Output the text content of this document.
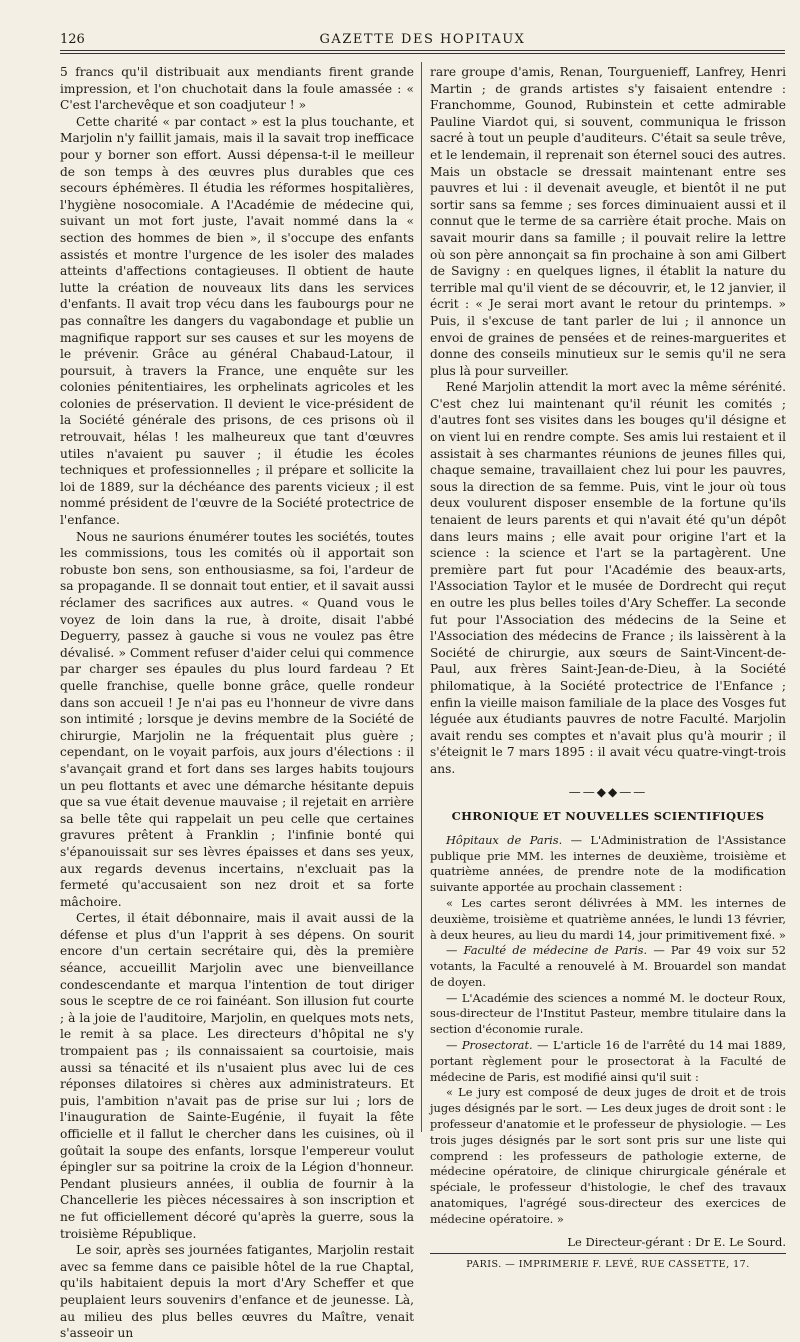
126	GAZETTE DES HOPITAUX

5 francs qu'il distribuait aux mendiants firent grande impression, et l'on chuchotait dans la foule amassée : « C'est l'archevêque et son coadjuteur ! »

Cette charité « par contact » est la plus touchante, et Marjolin n'y faillit jamais, mais il la savait trop inefficace pour y borner son effort. Aussi dépensa-t-il le meilleur de son temps à des œuvres plus durables que ces secours éphémères. Il étudia les réformes hospitalières, l'hygiène nosocomiale. A l'Académie de médecine qui, suivant un mot fort juste, l'avait nommé dans la « section des hommes de bien », il s'occupe des enfants assistés et montre l'urgence de les isoler des malades atteints d'affections contagieuses. Il obtient de haute lutte la création de nouveaux lits dans les services d'enfants. Il avait trop vécu dans les faubourgs pour ne pas connaître les dangers du vagabondage et publie un magnifique rapport sur ses causes et sur les moyens de le prévenir. Grâce au général Chabaud-Latour, il poursuit, à travers la France, une enquête sur les colonies pénitentiaires, les orphelinats agricoles et les colonies de préservation. Il devient le vice-président de la Société générale des prisons, de ces prisons où il retrouvait, hélas ! les malheureux que tant d'œuvres utiles n'avaient pu sauver ; il étudie les écoles techniques et professionnelles ; il prépare et sollicite la loi de 1889, sur la déchéance des parents vicieux ; il est nommé président de l'œuvre de la Société protectrice de l'enfance.

Nous ne saurions énumérer toutes les sociétés, toutes les commissions, tous les comités où il apportait son robuste bon sens, son enthousiasme, sa foi, l'ardeur de sa propagande. Il se donnait tout entier, et il savait aussi réclamer des sacrifices aux autres. « Quand vous le voyez de loin dans la rue, à droite, disait l'abbé Deguerry, passez à gauche si vous ne voulez pas être dévalisé. » Comment refuser d'aider celui qui commence par charger ses épaules du plus lourd fardeau ? Et quelle franchise, quelle bonne grâce, quelle rondeur dans son accueil ! Je n'ai pas eu l'honneur de vivre dans son intimité ; lorsque je devins membre de la Société de chirurgie, Marjolin ne la fréquentait plus guère ; cependant, on le voyait parfois, aux jours d'élections : il s'avançait grand et fort dans ses larges habits toujours un peu flottants et avec une démarche hésitante depuis que sa vue était devenue mauvaise ; il rejetait en arrière sa belle tête qui rappelait un peu celle que certaines gravures prêtent à Franklin ; l'infinie bonté qui s'épanouissait sur ses lèvres épaisses et dans ses yeux, aux regards devenus incertains, n'excluait pas la fermeté qu'accusaient son nez droit et sa forte mâchoire.

Certes, il était débonnaire, mais il avait aussi de la défense et plus d'un l'apprit à ses dépens. On sourit encore d'un certain secrétaire qui, dès la première séance, accueillit Marjolin avec une bienveillance condescendante et marqua l'intention de tout diriger sous le sceptre de ce roi fainéant. Son illusion fut courte ; à la joie de l'auditoire, Marjolin, en quelques mots nets, le remit à sa place. Les directeurs d'hôpital ne s'y trompaient pas ; ils connaissaient sa courtoisie, mais aussi sa ténacité et ils n'usaient plus avec lui de ces réponses dilatoires si chères aux administrateurs. Et puis, l'ambition n'avait pas de prise sur lui ; lors de l'inauguration de Sainte-Eugénie, il fuyait la fête officielle et il fallut le chercher dans les cuisines, où il goûtait la soupe des enfants, lorsque l'empereur voulut épingler sur sa poitrine la croix de la Légion d'honneur. Pendant plusieurs années, il oublia de fournir à la Chancellerie les pièces nécessaires à son inscription et ne fut officiellement décoré qu'après la guerre, sous la troisième République.

Le soir, après ses journées fatigantes, Marjolin restait avec sa femme dans ce paisible hôtel de la rue Chaptal, qu'ils habitaient depuis la mort d'Ary Scheffer et que peuplaient leurs souvenirs d'enfance et de jeunesse. Là, au milieu des plus belles œuvres du Maître, venait s'asseoir un

rare groupe d'amis, Renan, Tourguenieff, Lanfrey, Henri Martin ; de grands artistes s'y faisaient entendre : Franchomme, Gounod, Rubinstein et cette admirable Pauline Viardot qui, si souvent, communiqua le frisson sacré à tout un peuple d'auditeurs. C'était sa seule trêve, et le lendemain, il reprenait son éternel souci des autres. Mais un obstacle se dressait maintenant entre ses pauvres et lui : il devenait aveugle, et bientôt il ne put sortir sans sa femme ; ses forces diminuaient aussi et il connut que le terme de sa carrière était proche. Mais on savait mourir dans sa famille ; il pouvait relire la lettre où son père annonçait sa fin prochaine à son ami Gilbert de Savigny : en quelques lignes, il établit la nature du terrible mal qu'il vient de se découvrir, et, le 12 janvier, il écrit : « Je serai mort avant le retour du printemps. » Puis, il s'excuse de tant parler de lui ; il annonce un envoi de graines de pensées et de reines-marguerites et donne des conseils minutieux sur le semis qu'il ne sera plus là pour surveiller.

René Marjolin attendit la mort avec la même sérénité. C'est chez lui maintenant qu'il réunit les comités ; d'autres font ses visites dans les bouges qu'il désigne et on vient lui en rendre compte. Ses amis lui restaient et il assistait à ses charmantes réunions de jeunes filles qui, chaque semaine, travaillaient chez lui pour les pauvres, sous la direction de sa femme. Puis, vint le jour où tous deux voulurent disposer ensemble de la fortune qu'ils tenaient de leurs parents et qui n'avait été qu'un dépôt dans leurs mains ; elle avait pour origine l'art et la science : la science et l'art se la partagèrent. Une première part fut pour l'Académie des beaux-arts, l'Association Taylor et le musée de Dordrecht qui reçut en outre les plus belles toiles d'Ary Scheffer. La seconde fut pour l'Association des médecins de la Seine et l'Association des médecins de France ; ils laissèrent à la Société de chirurgie, aux sœurs de Saint-Vincent-de-Paul, aux frères Saint-Jean-de-Dieu, à la Société philomatique, à la Société protectrice de l'Enfance ; enfin la vieille maison familiale de la place des Vosges fut léguée aux étudiants pauvres de notre Faculté. Marjolin avait rendu ses comptes et n'avait plus qu'à mourir ; il s'éteignit le 7 mars 1895 : il avait vécu quatre-vingt-trois ans.

——◆◆——
CHRONIQUE ET NOUVELLES SCIENTIFIQUES

Hôpitaux de Paris. — L'Administration de l'Assistance publique prie MM. les internes de deuxième, troisième et quatrième années, de prendre note de la modification suivante apportée au prochain classement :

« Les cartes seront délivrées à MM. les internes de deuxième, troisième et quatrième années, le lundi 13 février, à deux heures, au lieu du mardi 14, jour primitivement fixé. »

— Faculté de médecine de Paris. — Par 49 voix sur 52 votants, la Faculté a renouvelé à M. Brouardel son mandat de doyen.

— L'Académie des sciences a nommé M. le docteur Roux, sous-directeur de l'Institut Pasteur, membre titulaire dans la section d'économie rurale.

— Prosectorat. — L'article 16 de l'arrêté du 14 mai 1889, portant règlement pour le prosectorat à la Faculté de médecine de Paris, est modifié ainsi qu'il suit :

« Le jury est composé de deux juges de droit et de trois juges désignés par le sort. — Les deux juges de droit sont : le professeur d'anatomie et le professeur de physiologie. — Les trois juges désignés par le sort sont pris sur une liste qui comprend : les professeurs de pathologie externe, de médecine opératoire, de clinique chirurgicale générale et spéciale, le professeur d'histologie, le chef des travaux anatomiques, l'agrégé sous-directeur des exercices de médecine opératoire. »

Le Directeur-gérant : Dr E. Le Sourd.
PARIS. — IMPRIMERIE F. LEVÉ, RUE CASSETTE, 17.
